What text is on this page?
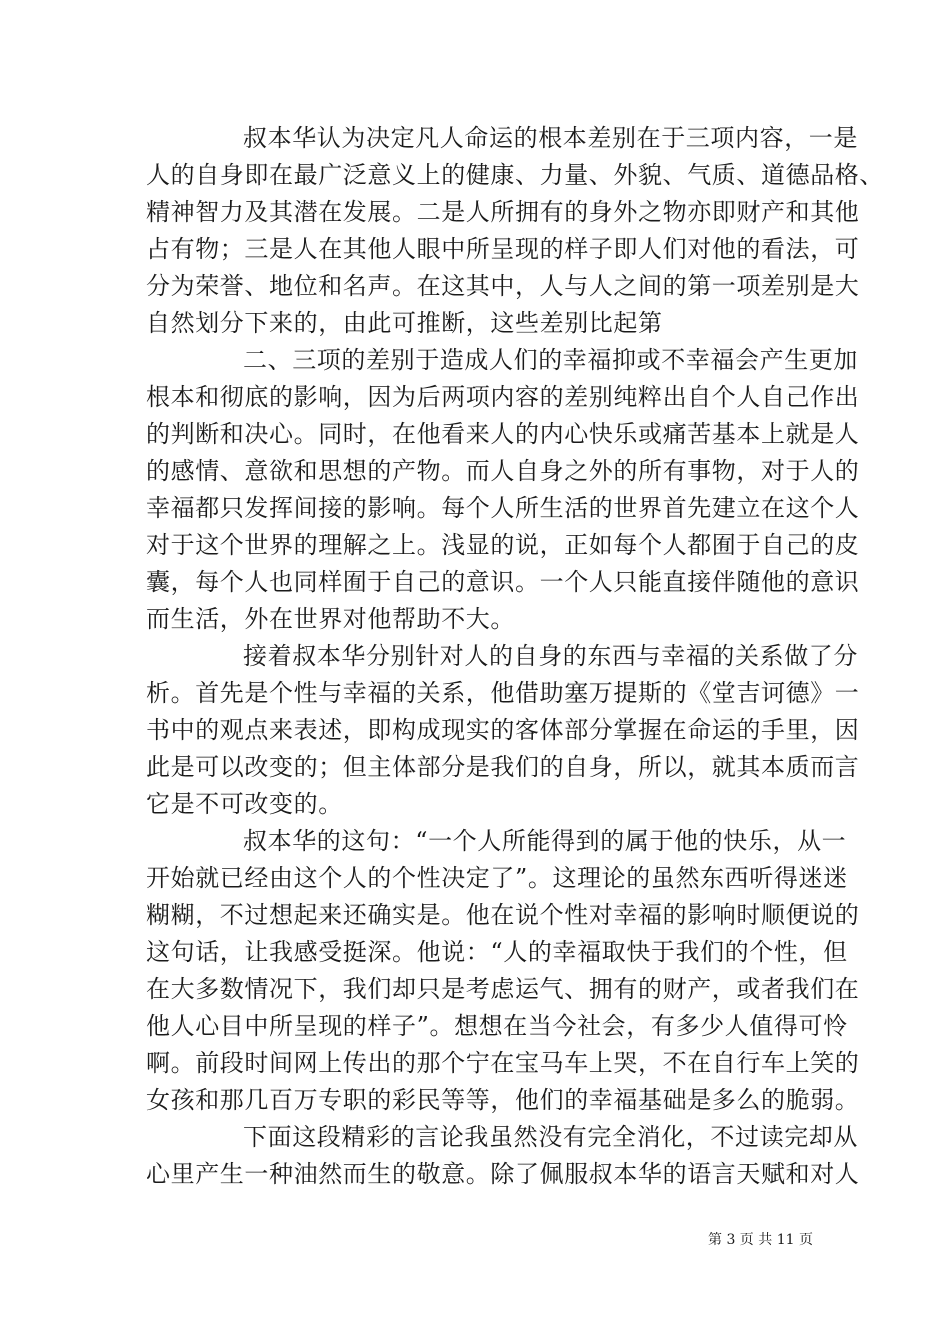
叔本华认为决定凡人命运的根本差别在于三项内容，一是
人的自身即在最广泛意义上的健康、力量、外貌、气质、道德品格、
精神智力及其潜在发展。二是人所拥有的身外之物亦即财产和其他
占有物；三是人在其他人眼中所呈现的样子即人们对他的看法，可
分为荣誉、地位和名声。在这其中，人与人之间的第一项差别是大
自然划分下来的，由此可推断，这些差别比起第
二、三项的差别于造成人们的幸福抑或不幸福会产生更加
根本和彻底的影响，因为后两项内容的差别纯粹出自个人自己作出
的判断和决心。同时，在他看来人的内心快乐或痛苦基本上就是人
的感情、意欲和思想的产物。而人自身之外的所有事物，对于人的
幸福都只发挥间接的影响。每个人所生活的世界首先建立在这个人
对于这个世界的理解之上。浅显的说，正如每个人都囿于自己的皮
囊，每个人也同样囿于自己的意识。一个人只能直接伴随他的意识
而生活，外在世界对他帮助不大。
接着叔本华分别针对人的自身的东西与幸福的关系做了分
析。首先是个性与幸福的关系，他借助塞万提斯的《堂吉诃德》一
书中的观点来表述，即构成现实的客体部分掌握在命运的手里，因
此是可以改变的；但主体部分是我们的自身，所以，就其本质而言
它是不可改变的。
叔本华的这句：“一个人所能得到的属于他的快乐，从一
开始就已经由这个人的个性决定了”。这理论的虽然东西听得迷迷
糊糊，不过想起来还确实是。他在说个性对幸福的影响时顺便说的
这句话，让我感受挺深。他说：“人的幸福取快于我们的个性，但
在大多数情况下，我们却只是考虑运气、拥有的财产，或者我们在
他人心目中所呈现的样子”。想想在当今社会，有多少人值得可怜
啊。前段时间网上传出的那个宁在宝马车上哭，不在自行车上笑的
女孩和那几百万专职的彩民等等，他们的幸福基础是多么的脆弱。
下面这段精彩的言论我虽然没有完全消化，不过读完却从
心里产生一种油然而生的敬意。除了佩服叔本华的语言天赋和对人
第 3 页 共 11 页
